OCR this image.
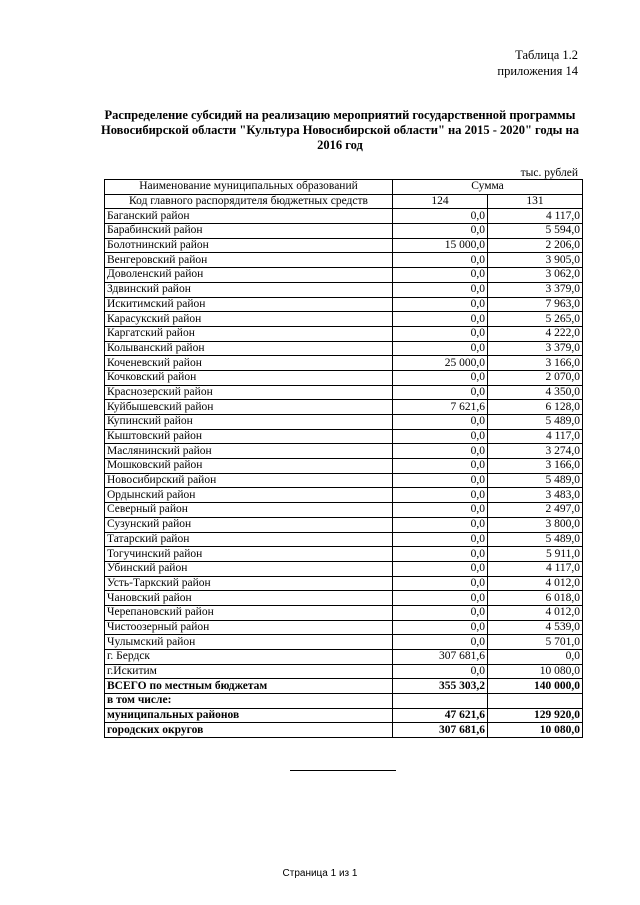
Таблица 1.2
приложения 14
Распределение субсидий на реализацию мероприятий государственной программы Новосибирской области "Культура Новосибирской области" на 2015 - 2020" годы на 2016 год
тыс. рублей
Наименование муниципальных образований	Сумма	
Код главного распорядителя бюджетных средств	124	131
Баганский район	0,0	4 117,0
Барабинский район	0,0	5 594,0
Болотнинский район	15 000,0	2 206,0
Венгеровский район	0,0	3 905,0
Доволенский район	0,0	3 062,0
Здвинский район	0,0	3 379,0
Искитимский район	0,0	7 963,0
Карасукский район	0,0	5 265,0
Каргатский район	0,0	4 222,0
Колыванский район	0,0	3 379,0
Коченевский район	25 000,0	3 166,0
Кочковский район	0,0	2 070,0
Краснозерский район	0,0	4 350,0
Куйбышевский район	7 621,6	6 128,0
Купинский район	0,0	5 489,0
Кыштовский район	0,0	4 117,0
Маслянинский район	0,0	3 274,0
Мошковский район	0,0	3 166,0
Новосибирский район	0,0	5 489,0
Ордынский район	0,0	3 483,0
Северный район	0,0	2 497,0
Сузунский район	0,0	3 800,0
Татарский район	0,0	5 489,0
Тогучинский район	0,0	5 911,0
Убинский район	0,0	4 117,0
Усть-Таркский район	0,0	4 012,0
Чановский район	0,0	6 018,0
Черепановский район	0,0	4 012,0
Чистоозерный район	0,0	4 539,0
Чулымский район	0,0	5 701,0
г. Бердск	307 681,6	0,0
г.Искитим	0,0	10 080,0
ВСЕГО по местным бюджетам	355 303,2	140 000,0
в том числе:		
муниципальных районов	47 621,6	129 920,0
городских округов	307 681,6	10 080,0
Страница 1 из 1
